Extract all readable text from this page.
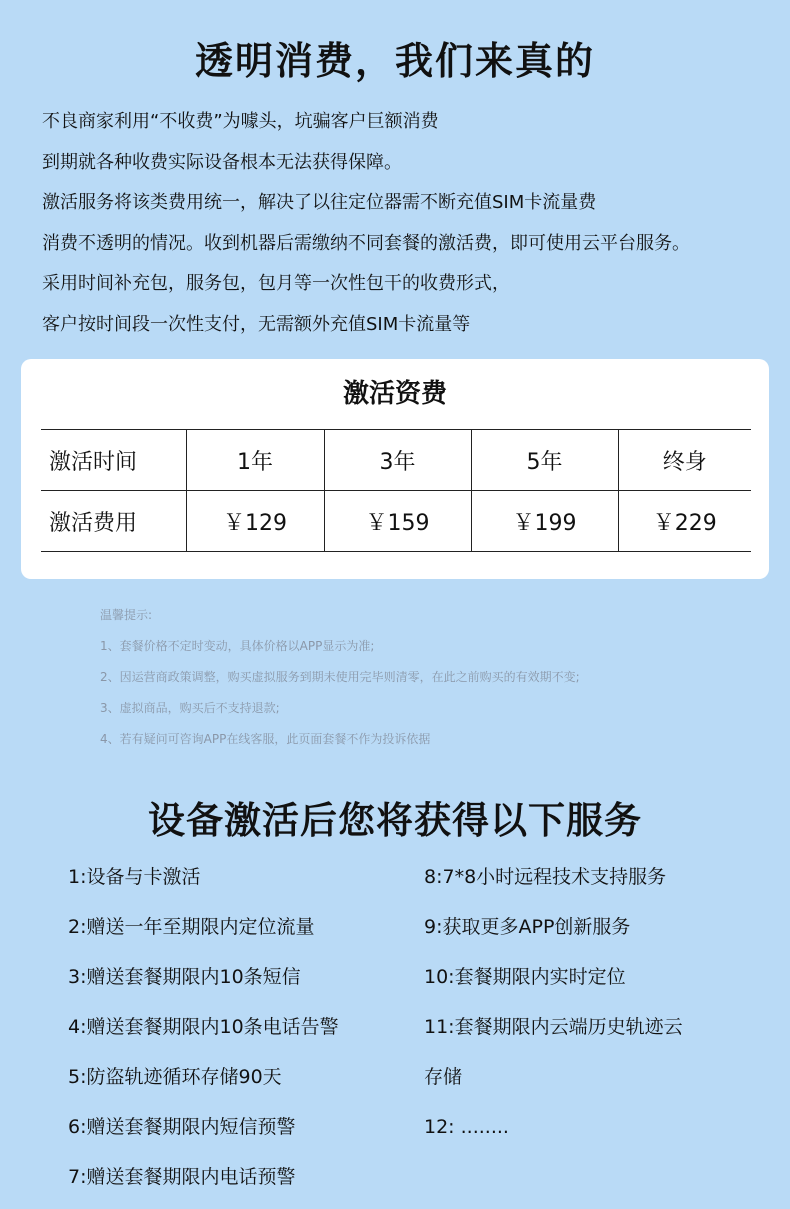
透明消费，我们来真的
不良商家利用“不收费”为噱头，坑骗客户巨额消费
到期就各种收费实际设备根本无法获得保障。
激活服务将该类费用统一，解决了以往定位器需不断充值SIM卡流量费
消费不透明的情况。收到机器后需缴纳不同套餐的激活费，即可使用云平台服务。
采用时间补充包，服务包，包月等一次性包干的收费形式，
客户按时间段一次性支付，无需额外充值SIM卡流量等
激活资费
激活时间	1年	3年	5年	终身
激活费用	￥129	￥159	￥199	￥229
温馨提示:
1、套餐价格不定时变动，具体价格以APP显示为准;
2、因运营商政策调整，购买虚拟服务到期未使用完毕则清零，在此之前购买的有效期不变;
3、虚拟商品，购买后不支持退款;
4、若有疑问可咨询APP在线客服，此页面套餐不作为投诉依据
设备激活后您将获得以下服务
1:设备与卡激活
2:赠送一年至期限内定位流量
3:赠送套餐期限内10条短信
4:赠送套餐期限内10条电话告警
5:防盗轨迹循环存储90天
6:赠送套餐期限内短信预警
7:赠送套餐期限内电话预警
8:7*8小时远程技术支持服务
9:获取更多APP创新服务
10:套餐期限内实时定位
11:套餐期限内云端历史轨迹云
存储
12: ........
